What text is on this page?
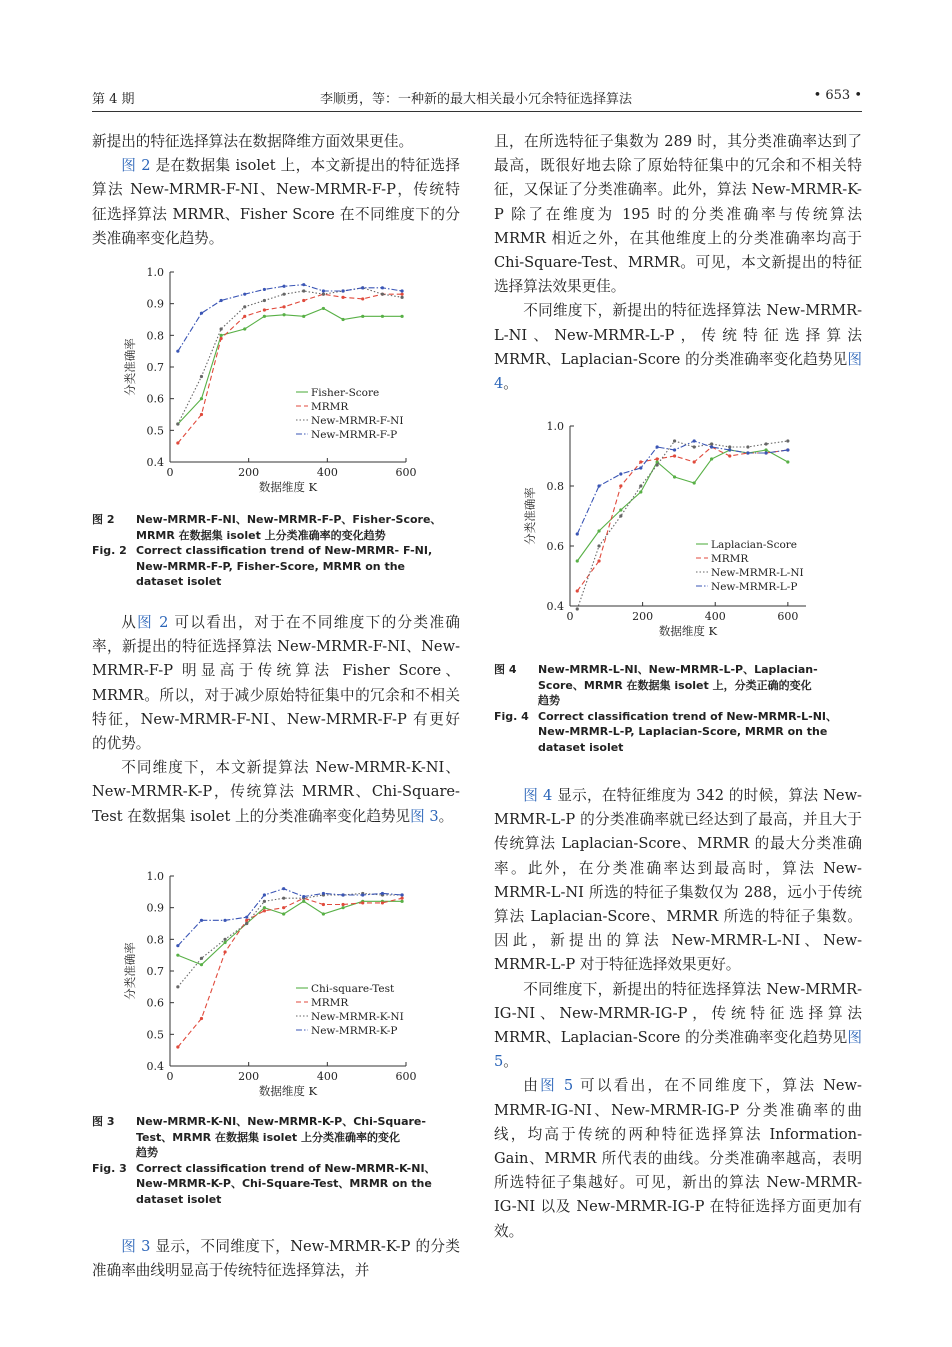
第 4 期	李顺勇，等：一种新的最大相关最小冗余特征选择算法	• 653 •

新提出的特征选择算法在数据降维方面效果更佳。

图 2 是在数据集 isolet 上，本文新提出的特征选择算法 New-MRMR-F-NI、New-MRMR-F-P，传统特征选择算法 MRMR、Fisher Score 在不同维度下的分类准确率变化趋势。

0.4
0.5
0.6
0.7
0.8
0.9
1.0
0	200	400	600
数据维度 K
分类准确率	Fisher-Score
MRMR
New-MRMR-F-NI
New-MRMR-F-P
图 2 New-MRMR-F-NI、New-MRMR-F-P、Fisher-Score、
MRMR 在数据集 isolet 上分类准确率的变化趋势
Fig. 2 Correct classification trend of New-MRMR- F-NI,
New-MRMR-F-P, Fisher-Score, MRMR on the
dataset isolet

从图 2 可以看出，对于在不同维度下的分类准确率，新提出的特征选择算法 New-MRMR-F-NI、New-MRMR-F-P 明显高于传统算法 Fisher Score、MRMR。所以，对于减少原始特征集中的冗余和不相关特征，New-MRMR-F-NI、New-MRMR-F-P 有更好的优势。

不同维度下，本文新提算法 New-MRMR-K-NI、New-MRMR-K-P，传统算法 MRMR、Chi-Square-Test 在数据集 isolet 上的分类准确率变化趋势见图 3。

0.4
0.5
0.6
0.7
0.8
0.9
1.0
0	200	400	600
数据维度 K
分类准确率	Chi-square-Test
MRMR
New-MRMR-K-NI
New-MRMR-K-P
图 3 New-MRMR-K-NI、New-MRMR-K-P、Chi-Square-
Test、MRMR 在数据集 isolet 上分类准确率的变化
趋势
Fig. 3 Correct classification trend of New-MRMR-K-NI、
New-MRMR-K-P、Chi-Square-Test、MRMR on the
dataset isolet

图 3 显示，不同维度下，New-MRMR-K-P 的分类准确率曲线明显高于传统特征选择算法，并

且，在所选特征子集数为 289 时，其分类准确率达到了最高，既很好地去除了原始特征集中的冗余和不相关特征，又保证了分类准确率。此外，算法 New-MRMR-K-P 除了在维度为 195 时的分类准确率与传统算法 MRMR 相近之外，在其他维度上的分类准确率均高于 Chi-Square-Test、MRMR。可见，本文新提出的特征选择算法效果更佳。

不同维度下，新提出的特征选择算法 New-MRMR-L-NI、New-MRMR-L-P，传统特征选择算法 MRMR、Laplacian-Score 的分类准确率变化趋势见图 4。

0.4
0.6
0.8
1.0
0	200	400	600
数据维度 K
分类准确率
Laplacian-Score
MRMR
New-MRMR-L-NI
New-MRMR-L-P
图 4 New-MRMR-L-NI、New-MRMR-L-P、Laplacian-
Score、MRMR 在数据集 isolet 上，分类正确的变化
趋势
Fig. 4 Correct classification trend of New-MRMR-L-NI、
New-MRMR-L-P, Laplacian-Score, MRMR on the
dataset isolet

图 4 显示，在特征维度为 342 的时候，算法 New-MRMR-L-P 的分类准确率就已经达到了最高，并且大于传统算法 Laplacian-Score、MRMR 的最大分类准确率。此外，在分类准确率达到最高时，算法 New-MRMR-L-NI 所选的特征子集数仅为 288，远小于传统算法 Laplacian-Score、MRMR 所选的特征子集数。因此，新提出的算法 New-MRMR-L-NI、New-MRMR-L-P 对于特征选择效果更好。

不同维度下，新提出的特征选择算法 New-MRMR-IG-NI、New-MRMR-IG-P，传统特征选择算法 MRMR、Laplacian-Score 的分类准确率变化趋势见图 5。

由图 5 可以看出，在不同维度下，算法 New-MRMR-IG-NI、New-MRMR-IG-P 分类准确率的曲线，均高于传统的两种特征选择算法 Information-Gain、MRMR 所代表的曲线。分类准确率越高，表明所选特征子集越好。可见，新出的算法 New-MRMR-IG-NI 以及 New-MRMR-IG-P 在特征选择方面更加有效。
